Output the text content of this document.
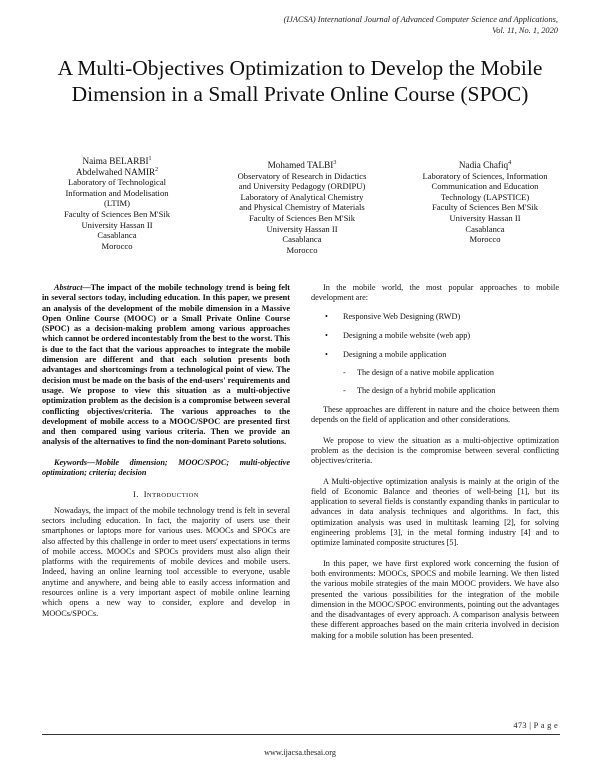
(IJACSA) International Journal of Advanced Computer Science and Applications,
Vol. 11, No. 1, 2020
A Multi-Objectives Optimization to Develop the Mobile Dimension in a Small Private Online Course (SPOC)
Naima BELARBI$^1$
Abdelwahed NAMIR$^2$
Laboratory of Technological
Information and Modelisation
(LTIM)
Faculty of Sciences Ben M'Sik
University Hassan II
Casablanca
Morocco
Mohamed TALBI$^3$
Observatory of Research in Didactics
and University Pedagogy (ORDIPU)
Laboratory of Analytical Chemistry
and Physical Chemistry of Materials
Faculty of Sciences Ben M'Sik
University Hassan II
Casablanca
Morocco
Nadia Chafiq$^4$
Laboratory of Sciences, Information
Communication and Education
Technology (LAPSTICE)
Faculty of Sciences Ben M'Sik
University Hassan II
Casablanca
Morocco

Abstract—The impact of the mobile technology trend is being felt in several sectors today, including education. In this paper, we present an analysis of the development of the mobile dimension in a Massive Open Online Course (MOOC) or a Small Private Online Course (SPOC) as a decision-making problem among various approaches which cannot be ordered incontestably from the best to the worst. This is due to the fact that the various approaches to integrate the mobile dimension are different and that each solution presents both advantages and shortcomings from a technological point of view. The decision must be made on the basis of the end-users' requirements and usage. We propose to view this situation as a multi-objective optimization problem as the decision is a compromise between several conflicting objectives/criteria. The various approaches to the development of mobile access to a MOOC/SPOC are presented first and then compared using various criteria. Then we provide an analysis of the alternatives to find the non-dominant Pareto solutions.

Keywords—Mobile dimension; MOOC/SPOC; multi-objective optimization; criteria; decision

I. INTRODUCTION

Nowadays, the impact of the mobile technology trend is felt in several sectors including education. In fact, the majority of users use their smartphones or laptops more for various uses. MOOCs and SPOCs are also affected by this challenge in order to meet users' expectations in terms of mobile access. MOOCs and SPOCs providers must also align their platforms with the requirements of mobile devices and mobile users. Indeed, having an online learning tool accessible to everyone, usable anytime and anywhere, and being able to easily access information and resources online is a very important aspect of mobile online learning which opens a new way to consider, explore and develop in MOOCs/SPOCs.

In the mobile world, the most popular approaches to mobile development are:

• Responsive Web Designing (RWD)
• Designing a mobile website (web app)
• Designing a mobile application
- The design of a native mobile application
- The design of a hybrid mobile application

These approaches are different in nature and the choice between them depends on the field of application and other considerations.

We propose to view the situation as a multi-objective optimization problem as the decision is the compromise between several conflicting objectives/criteria.

A Multi-objective optimization analysis is mainly at the origin of the field of Economic Balance and theories of well-being [1], but its application to several fields is constantly expanding thanks in particular to advances in data analysis techniques and algorithms. In fact, this optimization analysis was used in multitask learning [2], for solving engineering problems [3], in the metal forming industry [4] and to optimize laminated composite structures [5].

In this paper, we have first explored work concerning the fusion of both environments: MOOCs, SPOCS and mobile learning. We then listed the various mobile strategies of the main MOOC providers. We have also presented the various possibilities for the integration of the mobile dimension in the MOOC/SPOC environments, pointing out the advantages and the disadvantages of every approach. A comparison analysis between these different approaches based on the main criteria involved in decision making for a mobile solution has been presented.

473 | P a g e
www.ijacsa.thesai.org
